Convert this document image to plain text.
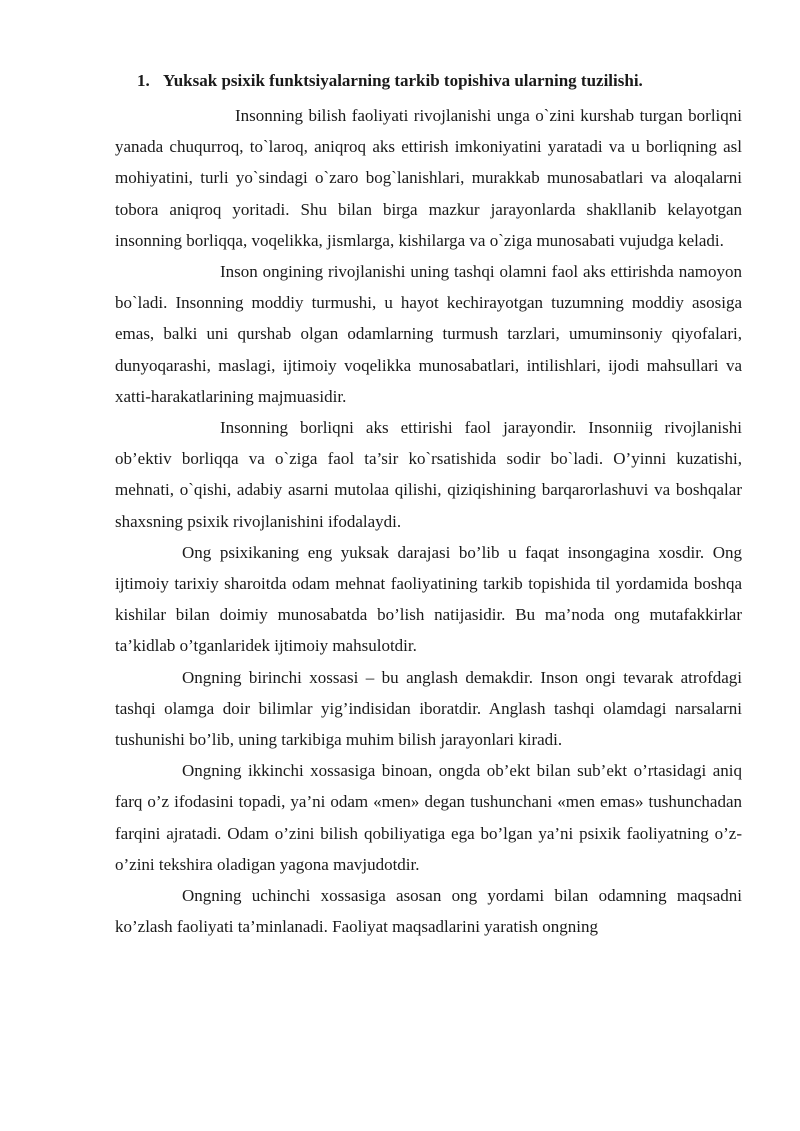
1. Yuksak psixik funktsiyalarning tarkib topishiva ularning tuzilishi.

Insonning bilish faoliyati rivojlanishi unga o`zini kurshab turgan borliqni yanada chuqurroq, to`laroq, aniqroq aks ettirish imkoniyatini yaratadi va u borliqning asl mohiyatini, turli yo`sindagi o`zaro bog`lanishlari, murakkab munosabatlari va aloqalarni tobora aniqroq yoritadi. Shu bilan birga mazkur jarayonlarda shakllanib kelayotgan insonning borliqqa, voqelikka, jismlarga, kishilarga va o`ziga munosabati vujudga keladi.

Inson ongining rivojlanishi uning tashqi olamni faol aks ettirishda namoyon bo`ladi. Insonning moddiy turmushi, u hayot kechirayotgan tuzumning moddiy asosiga emas, balki uni qurshab olgan odamlarning turmush tarzlari, umuminsoniy qiyofalari, dunyoqarashi, maslagi, ijtimoiy voqelikka munosabatlari, intilishlari, ijodi mahsullari va xatti-harakatlarining majmuasidir.

Insonning borliqni aks ettirishi faol jarayondir. Insonniig rivojlanishi ob’ektiv borliqqa va o`ziga faol ta’sir ko`rsatishida sodir bo`ladi. O’yinni kuzatishi, mehnati, o`qishi, adabiy asarni mutolaa qilishi, qiziqishining barqarorlashuvi va boshqalar shaxsning psixik rivojlanishini ifodalaydi.

Ong psixikaning eng yuksak darajasi bo’lib u faqat insongagina xosdir. Ong ijtimoiy tarixiy sharoitda odam mehnat faoliyatining tarkib topishida til yordamida boshqa kishilar bilan doimiy munosabatda bo’lish natijasidir. Bu ma’noda ong mutafakkirlar ta’kidlab o’tganlaridek ijtimoiy mahsulotdir.

Ongning birinchi xossasi – bu anglash demakdir. Inson ongi tevarak atrofdagi tashqi olamga doir bilimlar yig’indisidan iboratdir. Anglash tashqi olamdagi narsalarni tushunishi bo’lib, uning tarkibiga muhim bilish jarayonlari kiradi.

Ongning ikkinchi xossasiga binoan, ongda ob’ekt bilan sub’ekt o’rtasidagi aniq farq o’z ifodasini topadi, ya’ni odam «men» degan tushunchani «men emas» tushunchadan farqini ajratadi. Odam o’zini bilish qobiliyatiga ega bo’lgan ya’ni psixik faoliyatning o’z-o’zini tekshira oladigan yagona mavjudotdir.

Ongning uchinchi xossasiga asosan ong yordami bilan odamning maqsadni ko’zlash faoliyati ta’minlanadi. Faoliyat maqsadlarini yaratish ongning
